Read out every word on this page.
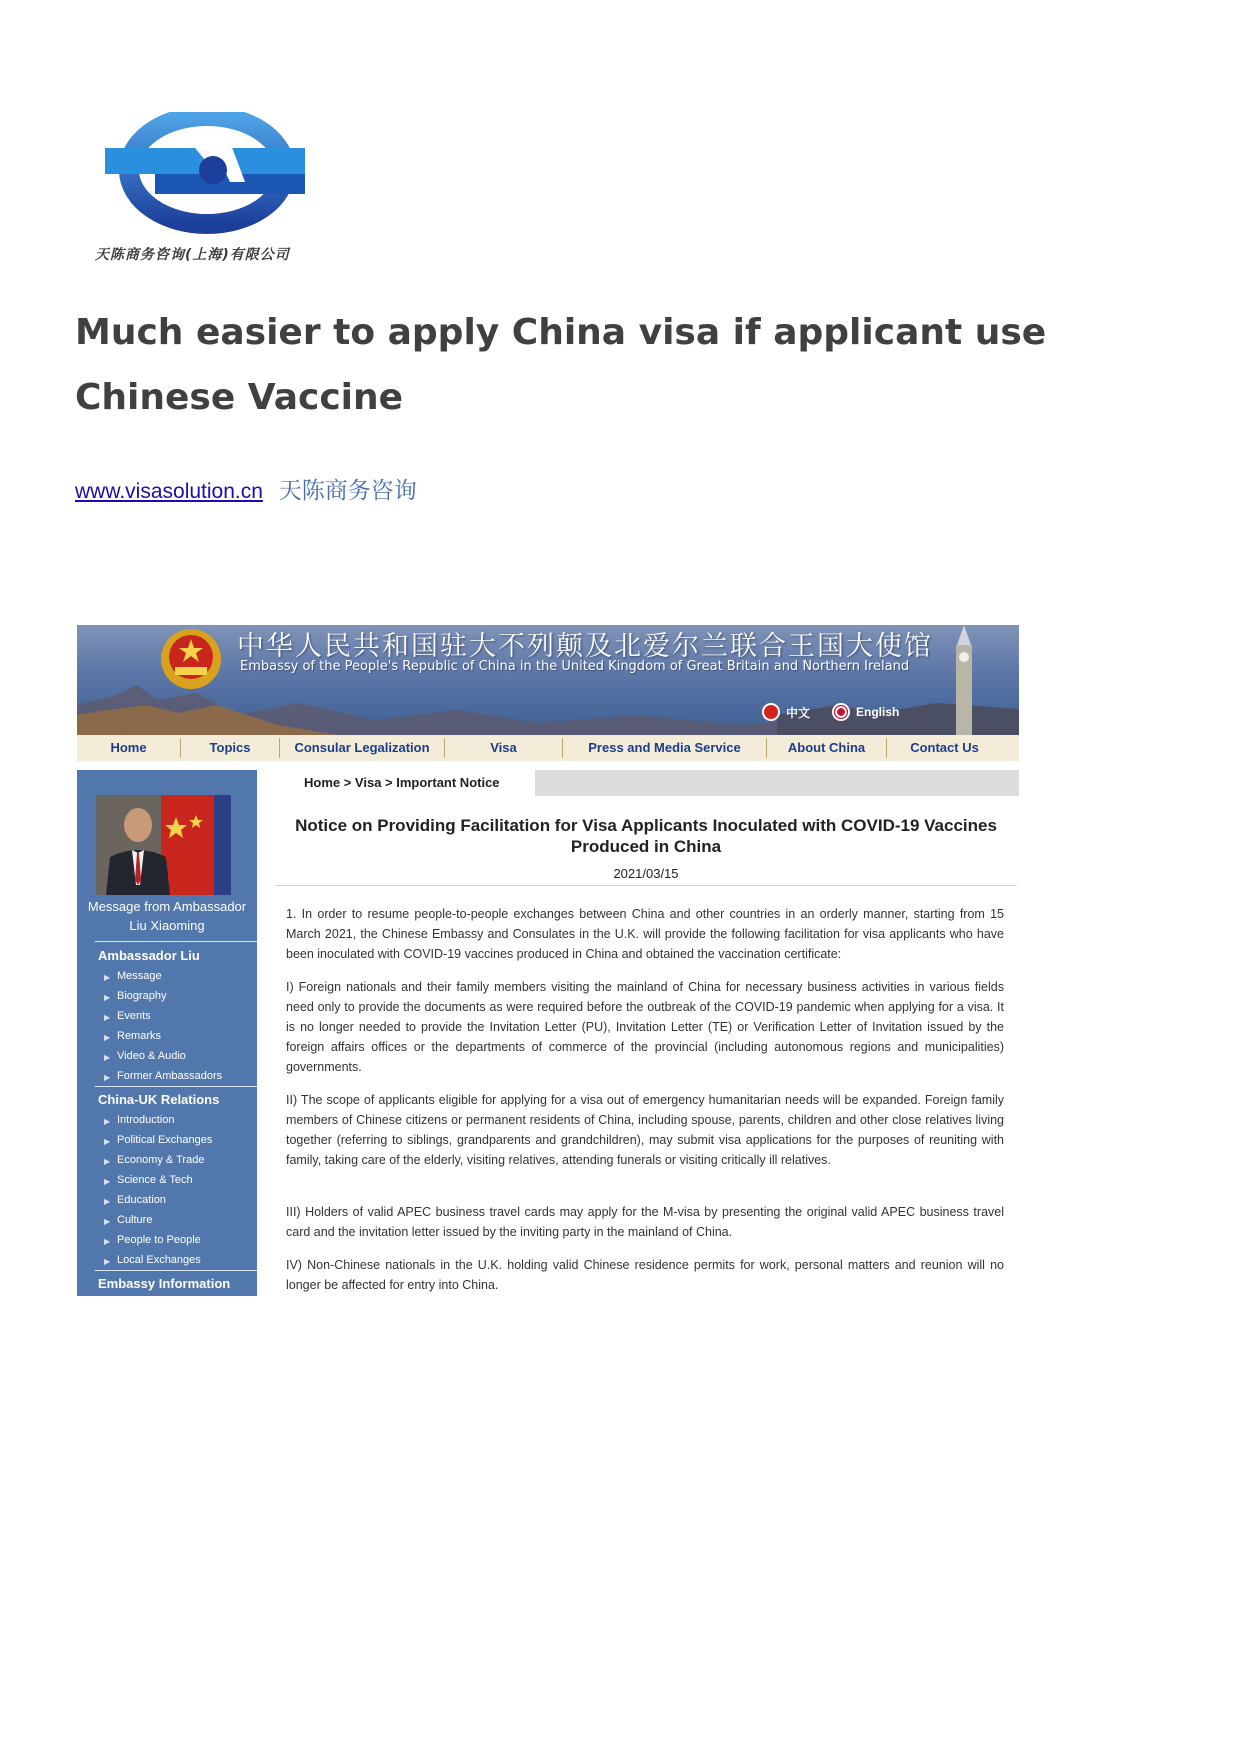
天陈商务咨询(上海)有限公司
Much easier to apply China visa if applicant use Chinese Vaccine
www.visasolution.cn 天陈商务咨询
中华人民共和国驻大不列颠及北爱尔兰联合王国大使馆
Embassy of the People's Republic of China in the United Kingdom of Great Britain and Northern Ireland
中文	English
Home	Topics	Consular Legalization	Visa	Press and Media Service	About China	Contact Us
Message from Ambassador
Liu Xiaoming
Ambassador Liu
▶ Message
▶ Biography
▶ Events
▶ Remarks
▶ Video & Audio
▶ Former Ambassadors
China-UK Relations
▶ Introduction
▶ Political Exchanges
▶ Economy & Trade
▶ Science & Tech
▶ Education
▶ Culture
▶ People to People
▶ Local Exchanges
Embassy Information
Home > Visa > Important Notice
Notice on Providing Facilitation for Visa Applicants Inoculated with COVID-19 Vaccines Produced in China
2021/03/15

1. In order to resume people-to-people exchanges between China and other countries in an orderly manner, starting from 15 March 2021, the Chinese Embassy and Consulates in the U.K. will provide the following facilitation for visa applicants who have been inoculated with COVID-19 vaccines produced in China and obtained the vaccination certificate:

I) Foreign nationals and their family members visiting the mainland of China for necessary business activities in various fields need only to provide the documents as were required before the outbreak of the COVID-19 pandemic when applying for a visa. It is no longer needed to provide the Invitation Letter (PU), Invitation Letter (TE) or Verification Letter of Invitation issued by the foreign affairs offices or the departments of commerce of the provincial (including autonomous regions and municipalities) governments.

II) The scope of applicants eligible for applying for a visa out of emergency humanitarian needs will be expanded. Foreign family members of Chinese citizens or permanent residents of China, including spouse, parents, children and other close relatives living together (referring to siblings, grandparents and grandchildren), may submit visa applications for the purposes of reuniting with family, taking care of the elderly, visiting relatives, attending funerals or visiting critically ill relatives.

III) Holders of valid APEC business travel cards may apply for the M-visa by presenting the original valid APEC business travel card and the invitation letter issued by the inviting party in the mainland of China.

IV) Non-Chinese nationals in the U.K. holding valid Chinese residence permits for work, personal matters and reunion will no longer be affected for entry into China.
